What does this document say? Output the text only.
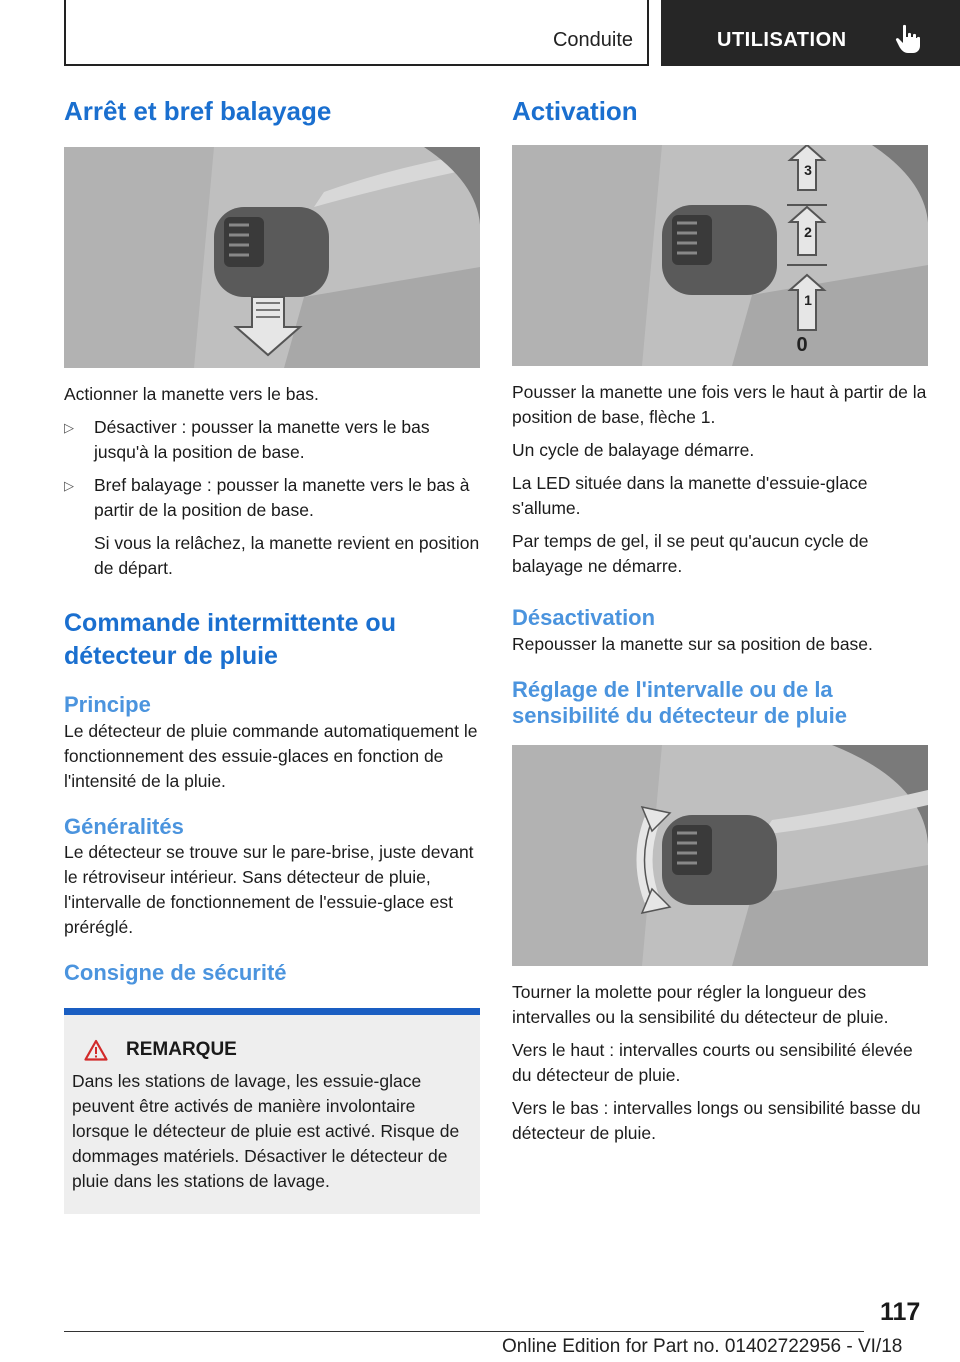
Conduite	UTILISATION
Arrêt et bref balayage

Actionner la manette vers le bas.

▷ Désactiver : pousser la manette vers le bas jusqu'à la position de base.
▷ Bref balayage : pousser la manette vers le bas à partir de la position de base.

Si vous la relâchez, la manette revient en position de départ.

Commande intermittente ou détecteur de pluie
Principe

Le détecteur de pluie commande automatiquement le fonctionnement des essuie-glaces en fonction de l'intensité de la pluie.

Généralités

Le détecteur se trouve sur le pare-brise, juste devant le rétroviseur intérieur. Sans détecteur de pluie, l'intervalle de fonctionnement de l'essuie-glace est préréglé.

Consigne de sécurité
REMARQUE

Dans les stations de lavage, les essuie-glace peuvent être activés de manière involontaire lorsque le détecteur de pluie est activé. Risque de dommages matériels. Désactiver le détecteur de pluie dans les stations de lavage.

Activation
3
2
1
0

Pousser la manette une fois vers le haut à partir de la position de base, flèche 1.

Un cycle de balayage démarre.

La LED située dans la manette d'essuie-glace s'allume.

Par temps de gel, il se peut qu'aucun cycle de balayage ne démarre.

Désactivation

Repousser la manette sur sa position de base.

Réglage de l'intervalle ou de la sensibilité du détecteur de pluie

Tourner la molette pour régler la longueur des intervalles ou la sensibilité du détecteur de pluie.

Vers le haut : intervalles courts ou sensibilité élevée du détecteur de pluie.

Vers le bas : intervalles longs ou sensibilité basse du détecteur de pluie.

117
Online Edition for Part no. 01402722956 - VI/18
